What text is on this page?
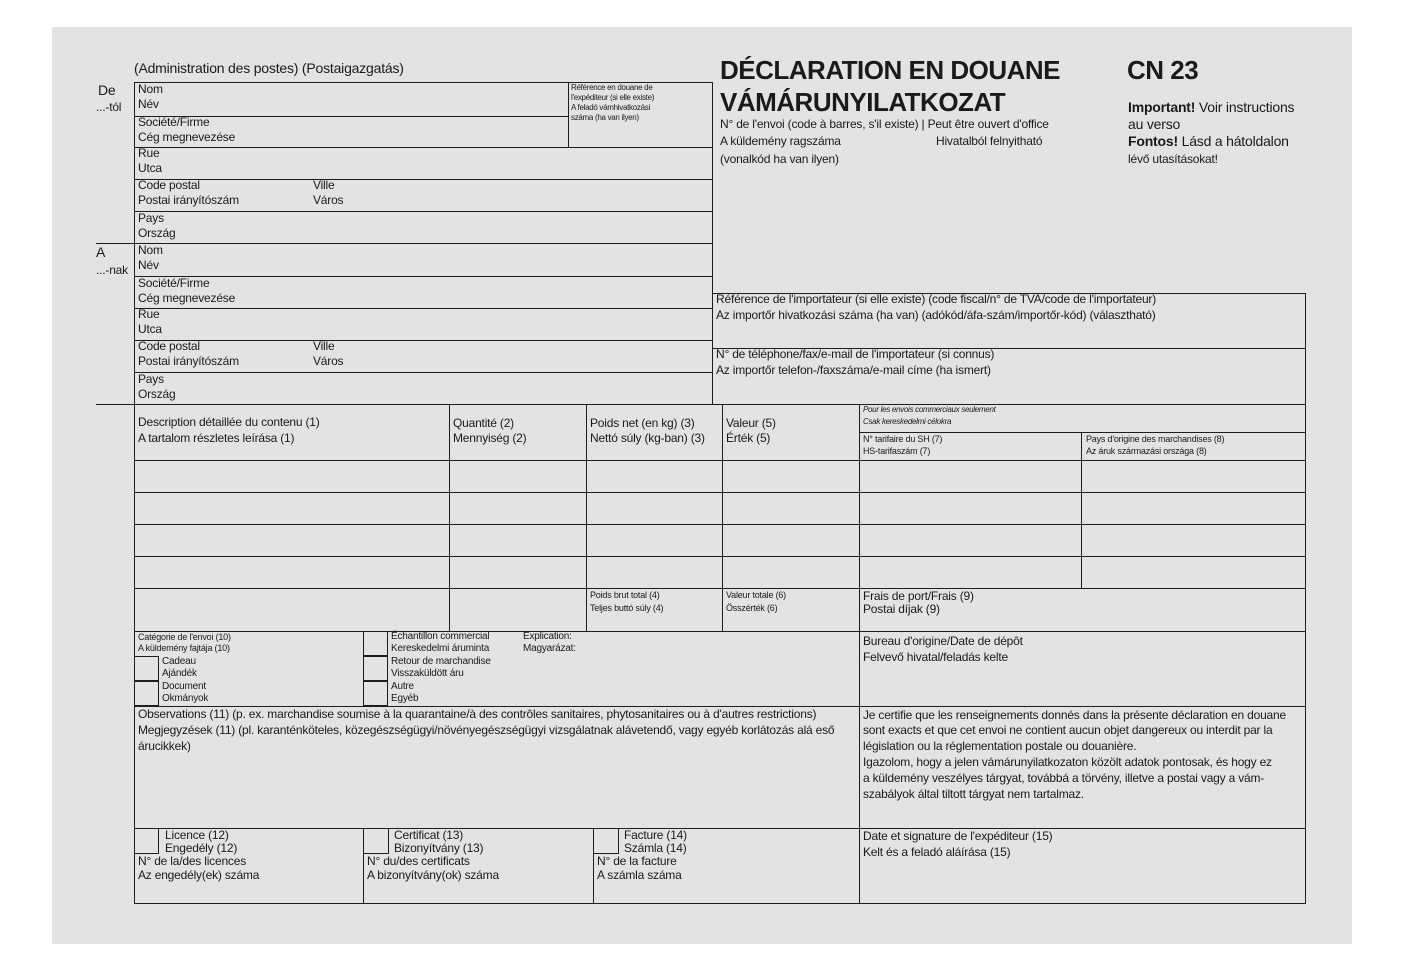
(Administration des postes) (Postaigazgatás)	DÉCLARATION EN DOUANE
VÁMÁRUNYILATKOZAT
CN 23
Important! Voir instructions
au verso
Fontos! Lásd a hátoldalon
lévő utasításokat!
N° de l'envoi (code à barres, s'il existe) | Peut être ouvert d'office
A küldemény ragszáma	Hivatalból felnyitható
(vonalkód ha van ilyen)
De
...-tól
Nom
Név
Société/Firme
Cég megnevezése
Référence en douane de
l'expéditeur (si elle existe)
A feladó vámhivatkozási
száma (ha van ilyen)
Rue
Utca
Code postal
Postai irányítószám
Ville
Város
Pays
Ország
A
...-nak
Nom
Név
Société/Firme
Cég megnevezése
Rue
Utca
Code postal
Postai irányítószám
Ville
Város
Pays
Ország
Référence de l'importateur (si elle existe) (code fiscal/n° de TVA/code de l'importateur)
Az importőr hivatkozási száma (ha van) (adókód/áfa-szám/importőr-kód) (választható)
N° de téléphone/fax/e-mail de l'importateur (si connus)
Az importőr telefon-/faxszáma/e-mail címe (ha ismert)
Description détaillée du contenu (1)
A tartalom részletes leírása (1)
Quantité (2)
Mennyiség (2)
Poids net (en kg) (3)
Nettó súly (kg-ban) (3)
Valeur (5)
Érték (5)
Pour les envois commerciaux seulement
Csak kereskedelmi célokra
N° tarifaire du SH (7)
HS-tarifaszám (7)
Pays d'origine des marchandises (8)
Az áruk származási országa (8)
Poids brut total (4)
Teljes buttó súly (4)
Valeur totale (6)
Összérték (6)
Frais de port/Frais (9)
Postai díjak (9)
Catégorie de l'envoi (10)
A küldemény fajtája (10)
Cadeau
Ajándék
Document
Okmányok
Échantillon commercial
Kereskedelmi áruminta
Retour de marchandise
Visszaküldött áru
Autre
Egyéb
Explication:
Magyarázat:
Bureau d'origine/Date de dépôt
Felvevő hivatal/feladás kelte
Observations (11) (p. ex. marchandise soumise à la quarantaine/à des contrôles sanitaires, phytosanitaires ou à d'autres restrictions)
Megjegyzések (11) (pl. karanténköteles, közegészségügyi/növényegészségügyi vizsgálatnak alávetendő, vagy egyéb korlátozás alá eső
árucikkek)
Je certifie que les renseignements donnés dans la présente déclaration en douane
sont exacts et que cet envoi ne contient aucun objet dangereux ou interdit par la
législation ou la réglementation postale ou douanière.
Igazolom, hogy a jelen vámárunyilatkozaton közölt adatok pontosak, és hogy ez
a küldemény veszélyes tárgyat, továbbá a törvény, illetve a postai vagy a vám-
szabályok által tiltott tárgyat nem tartalmaz.
Licence (12)
Engedély (12)
N° de la/des licences
Az engedély(ek) száma
Certificat (13)
Bizonyítvány (13)
N° du/des certificats
A bizonyítvány(ok) száma
Facture (14)
Számla (14)
N° de la facture
A számla száma
Date et signature de l'expéditeur (15)
Kelt és a feladó aláírása (15)
